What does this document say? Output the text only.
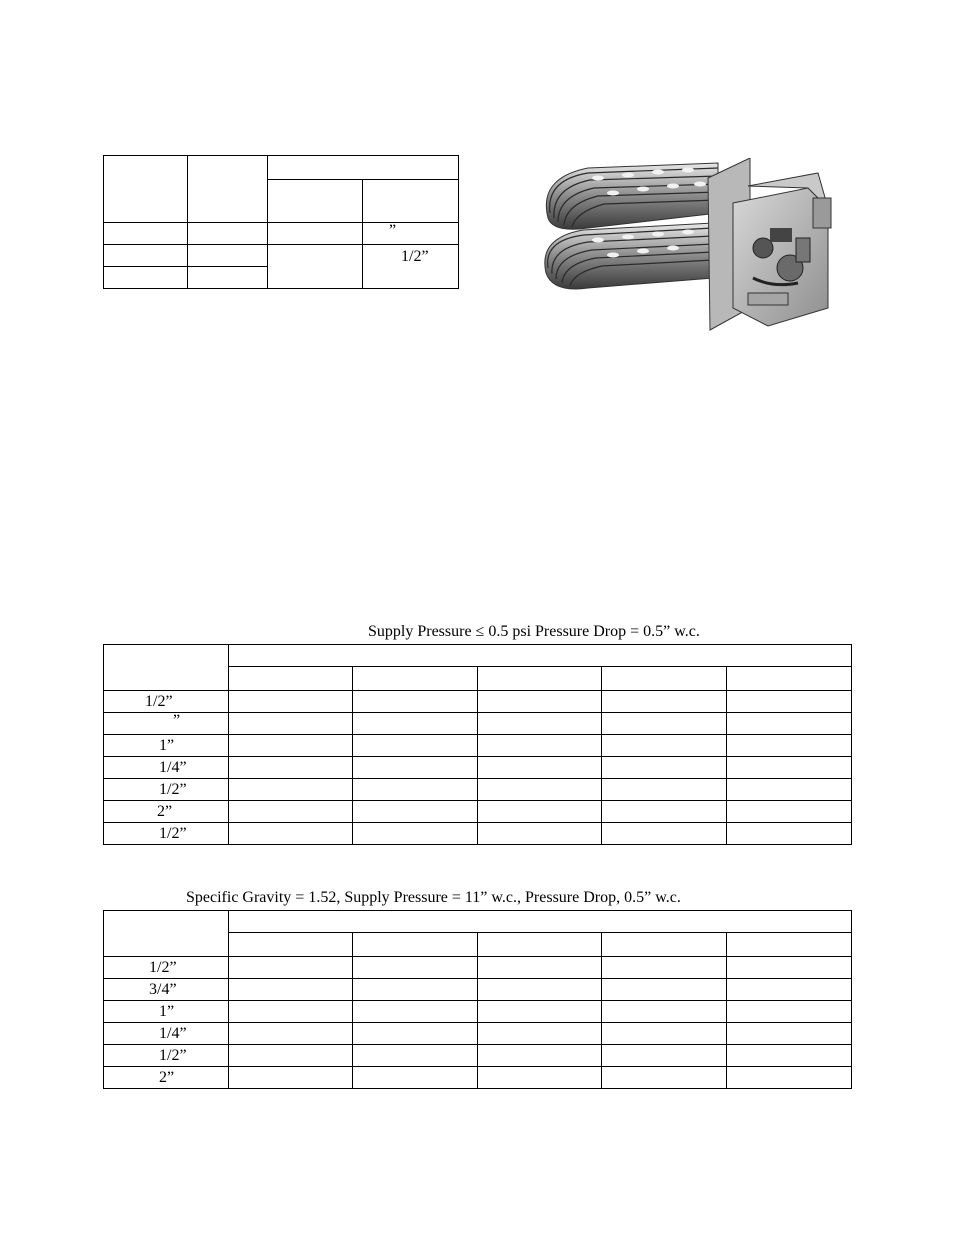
			”
			1/2”

Supply Pressure ≤ 0.5 psi Pressure Drop = 0.5” w.c.

1/2”					
”					
1”					
1/4”					
1/2”					
2”					
1/2”					
Specific Gravity = 1.52, Supply Pressure = 11” w.c., Pressure Drop, 0.5” w.c.

1/2”					
3/4”					
1”					
1/4”					
1/2”					
2”					
